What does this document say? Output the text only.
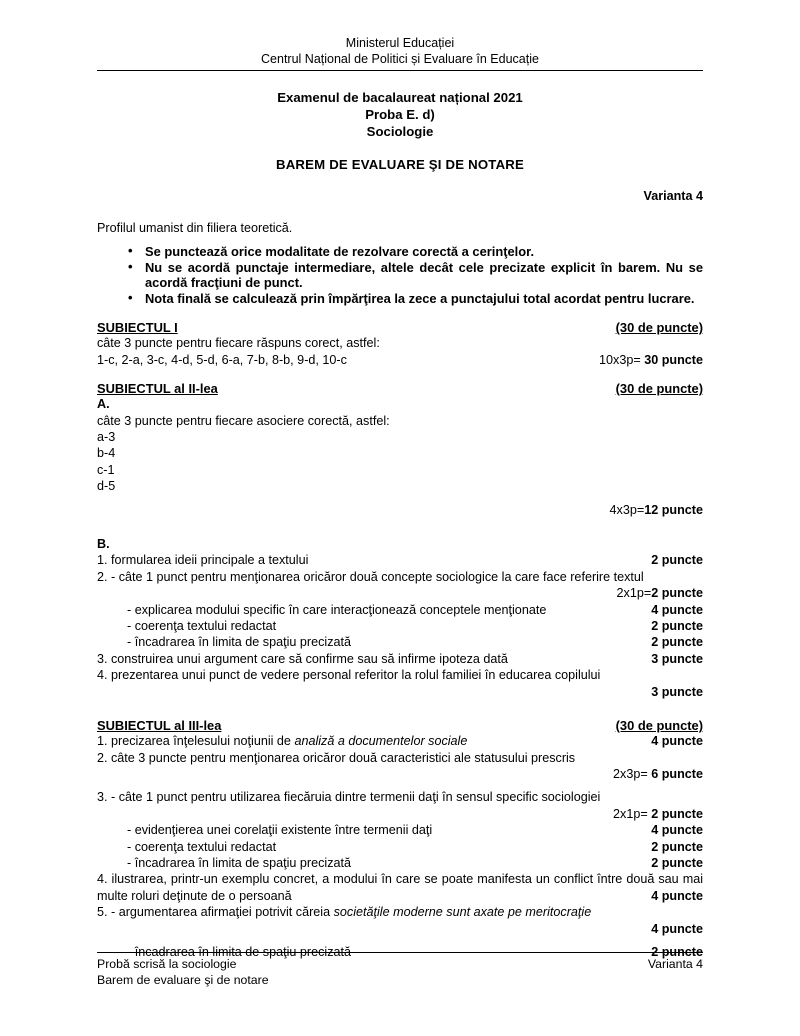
Ministerul Educației
Centrul Național de Politici și Evaluare în Educație
Examenul de bacalaureat național 2021
Proba E. d)
Sociologie
BAREM DE EVALUARE ŞI DE NOTARE
Varianta 4
Profilul umanist din filiera teoretică.
• Se punctează orice modalitate de rezolvare corectă a cerinţelor.
• Nu se acordă punctaje intermediare, altele decât cele precizate explicit în barem. Nu se acordă fracţiuni de punct.
• Nota finală se calculează prin împărţirea la zece a punctajului total acordat pentru lucrare.
SUBIECTUL I	(30 de puncte)
câte 3 puncte pentru fiecare răspuns corect, astfel:
1-c, 2-a, 3-c, 4-d, 5-d, 6-a, 7-b, 8-b, 9-d, 10-c	10x3p= 30 puncte
SUBIECTUL al II-lea	(30 de puncte)
A.
câte 3 puncte pentru fiecare asociere corectă, astfel:
a-3
b-4
c-1
d-5
4x3p=12 puncte
B.
1. formularea ideii principale a textului	2 puncte
2. - câte 1 punct pentru menţionarea oricăror două concepte sociologice la care face referire textul
2x1p=2 puncte
- explicarea modului specific în care interacţionează conceptele menţionate	4 puncte
- coerenţa textului redactat	2 puncte
- încadrarea în limita de spaţiu precizată	2 puncte
3. construirea unui argument care să confirme sau să infirme ipoteza dată	3 puncte
4. prezentarea unui punct de vedere personal referitor la rolul familiei în educarea copilului
3 puncte
SUBIECTUL al III-lea	(30 de puncte)
1. precizarea înţelesului noţiunii de analiză a documentelor sociale	4 puncte
2. câte 3 puncte pentru menţionarea oricăror două caracteristici ale statusului prescris
2x3p= 6 puncte
3. - câte 1 punct pentru utilizarea fiecăruia dintre termenii daţi în sensul specific sociologiei
2x1p= 2 puncte
- evidenţierea unei corelaţii existente între termenii daţi	4 puncte
- coerenţa textului redactat	2 puncte
- încadrarea în limita de spaţiu precizată	2 puncte
4. ilustrarea, printr-un exemplu concret, a modului în care se poate manifesta un conflict între două sau mai multe roluri deţinute de o persoană	4 puncte
5. - argumentarea afirmaţiei potrivit căreia societăţile moderne sunt axate pe meritocraţie
4 puncte
- încadrarea în limita de spaţiu precizată	2 puncte
Probă scrisă la sociologie	Varianta 4
Barem de evaluare şi de notare
